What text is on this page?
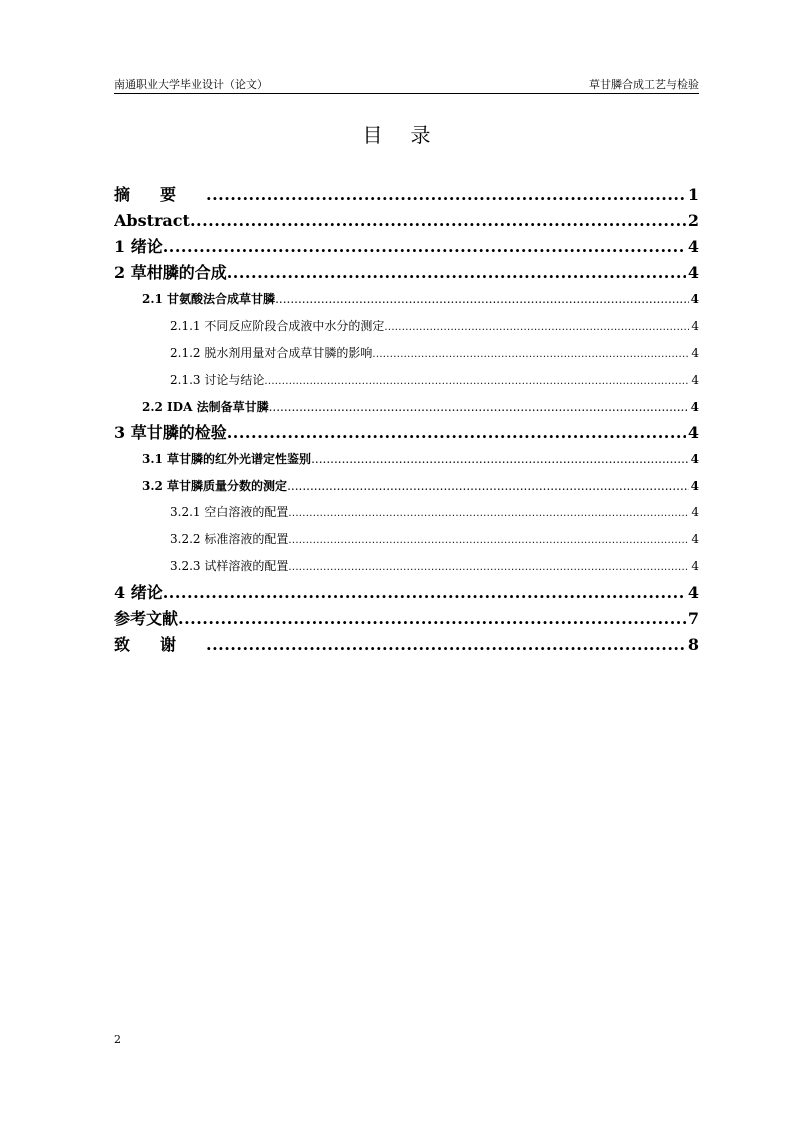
南通职业大学毕业设计（论文）	草甘膦合成工艺与检验
目录
摘要 .....	1
Abstract .....	2
1 绪论 .....	4
2 草柑膦的合成 .....	4
2.1 甘氨酸法合成草甘膦 .....	4
2.1.1 不同反应阶段合成液中水分的测定 .....	4
2.1.2 脱水剂用量对合成草甘膦的影响 .....	4
2.1.3 讨论与结论 .....	4
2.2 IDA 法制备草甘膦 .....	4
3 草甘膦的检验 .....	4
3.1 草甘膦的红外光谱定性鉴别 .....	4
3.2 草甘膦质量分数的测定 .....	4
3.2.1 空白溶液的配置 .....	4
3.2.2 标准溶液的配置 .....	4
3.2.3 试样溶液的配置 .....	4
4 绪论 .....	4
参考文献 .....	7
致谢 .....	8
2
